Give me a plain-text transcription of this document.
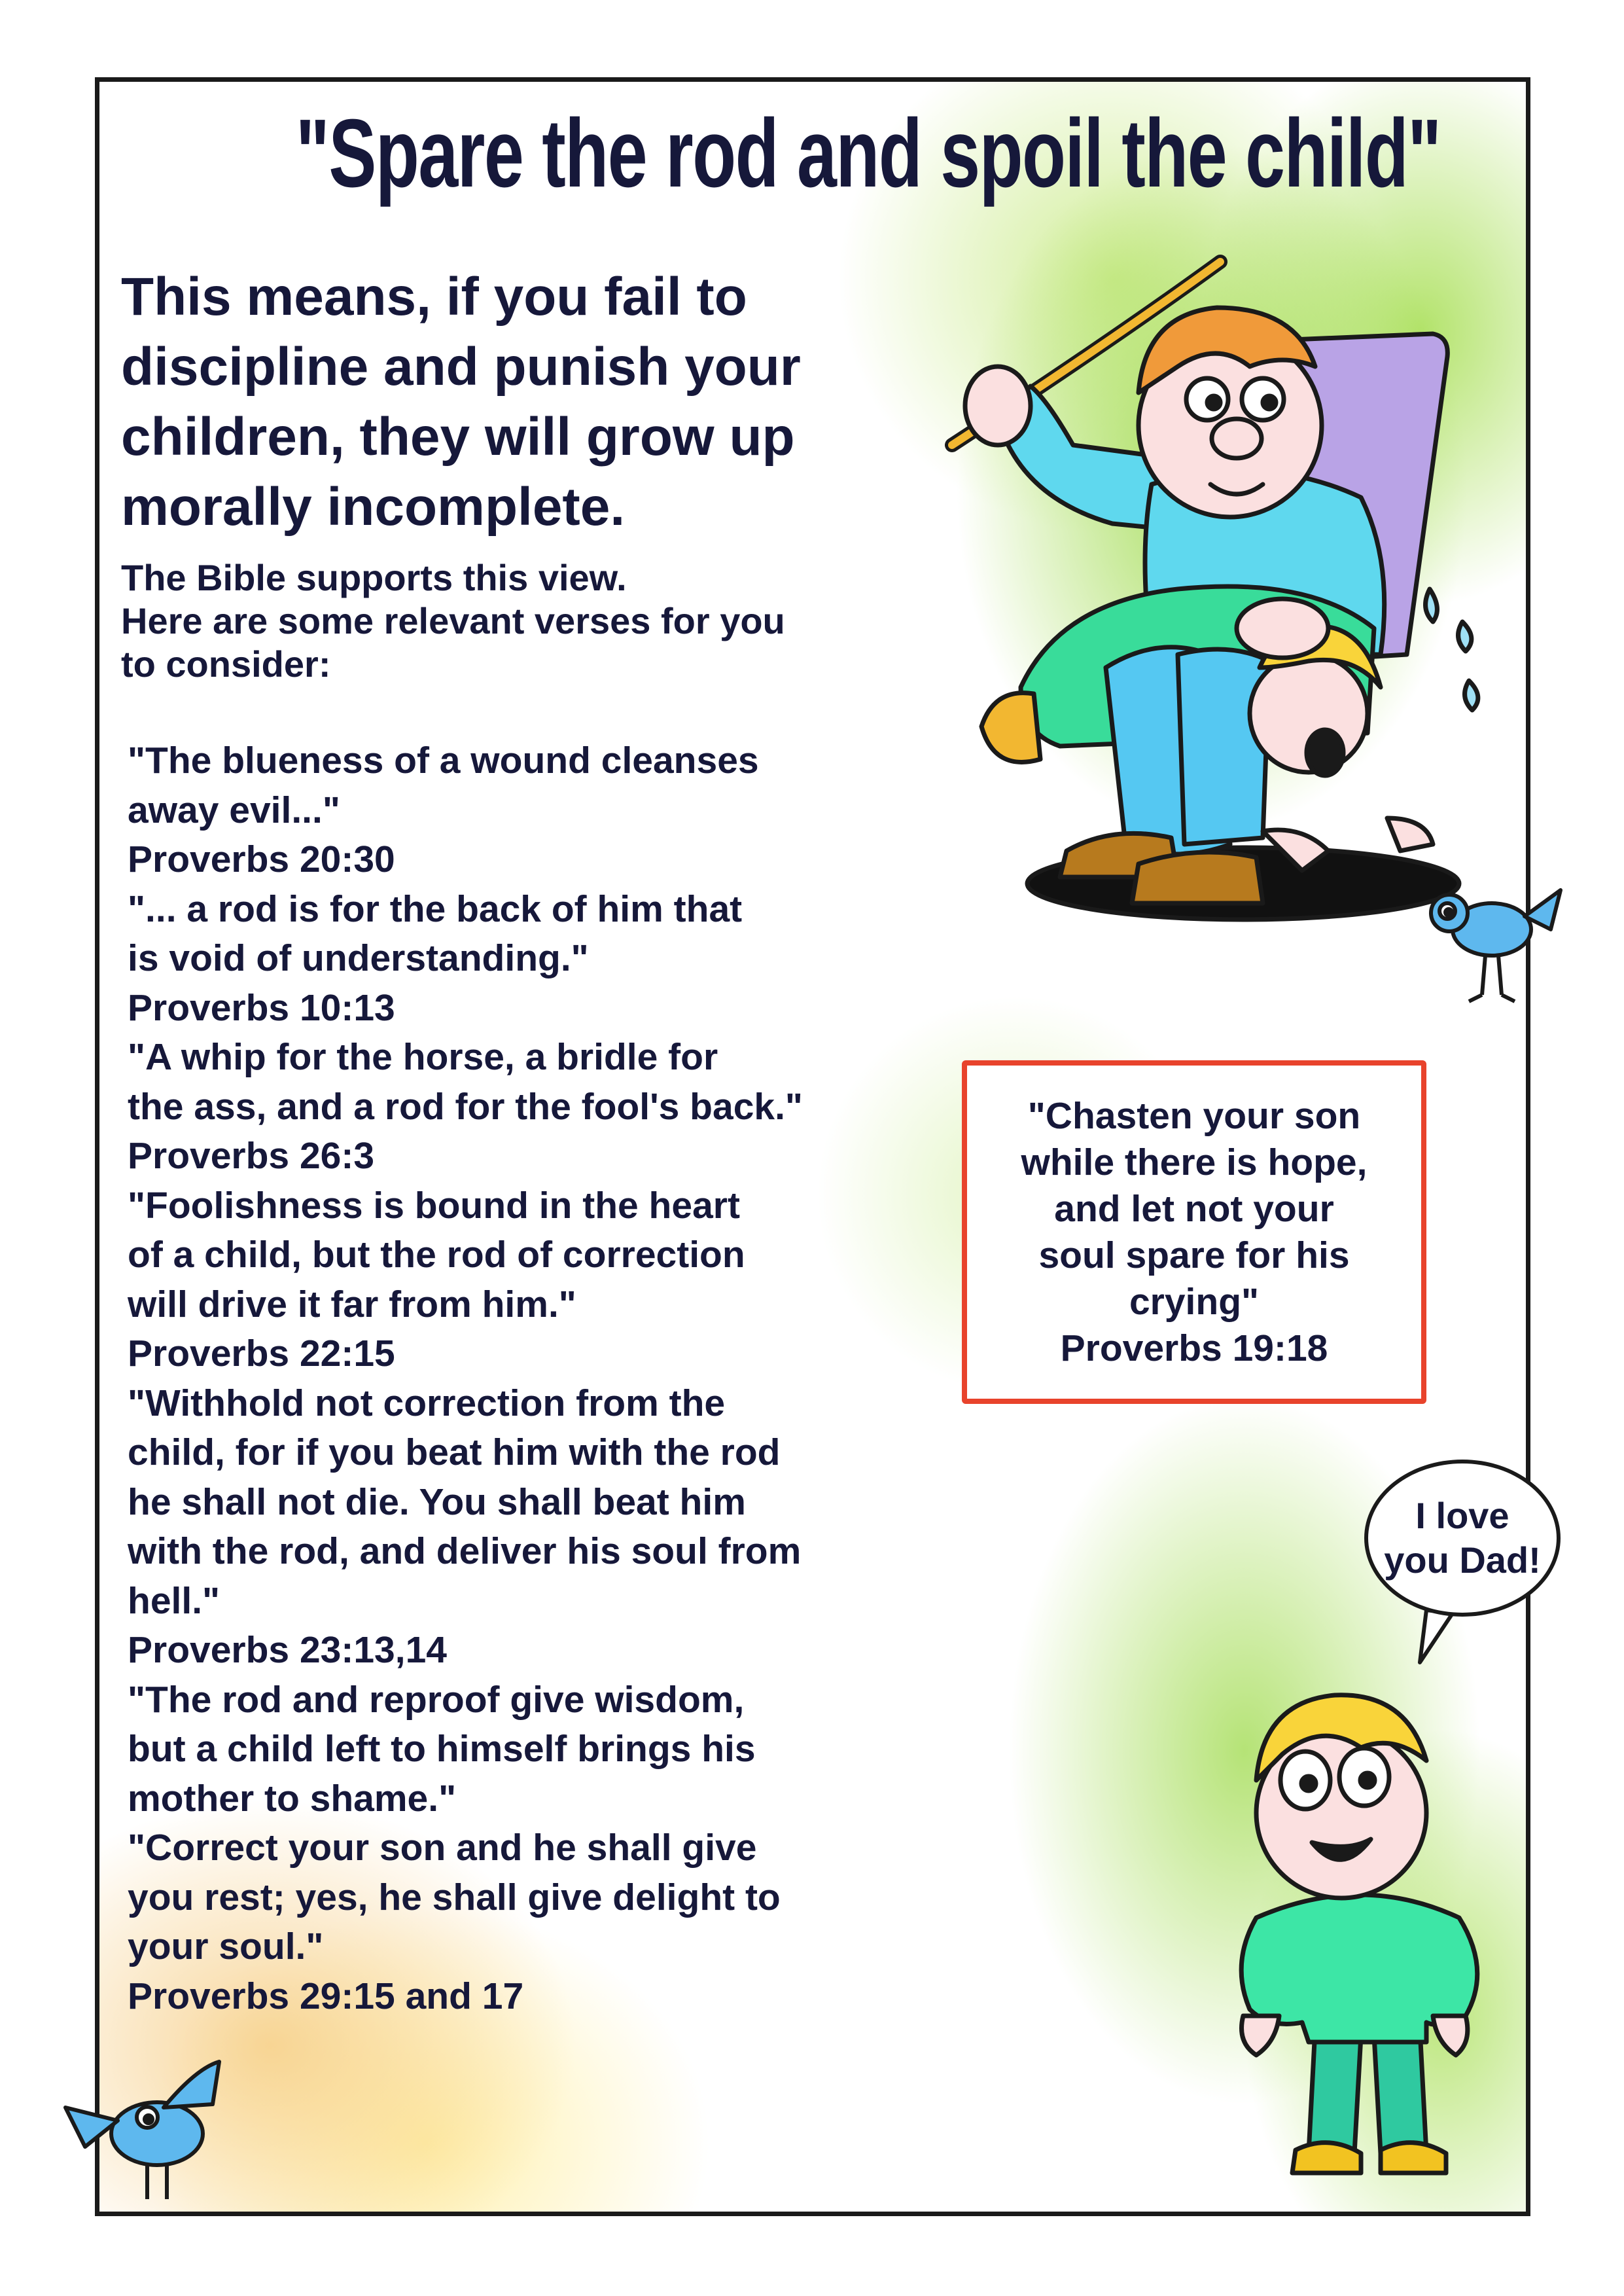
"Spare the rod and spoil the child"

This means, if you fail to discipline and punish your children, they will grow up morally incomplete.

The Bible supports this view.
Here are some relevant verses for you
to consider:

"The blueness of a wound cleanses
away evil..."
Proverbs 20:30
"... a rod is for the back of him that
is void of understanding."
Proverbs 10:13
"A whip for the horse, a bridle for
the ass, and a rod for the fool's back."
Proverbs 26:3
"Foolishness is bound in the heart
of a child, but the rod of correction
will drive it far from him."
Proverbs 22:15
"Withhold not correction from the
child, for if you beat him with the rod
he shall not die. You shall beat him
with the rod, and deliver his soul from
hell."
Proverbs 23:13,14
"The rod and reproof give wisdom,
but a child left to himself brings his
mother to shame."
"Correct your son and he shall give
you rest; yes, he shall give delight to
your soul."
Proverbs 29:15 and 17
"Chasten your son
while there is hope,
and let not your
soul spare for his
crying"
Proverbs 19:18
I love
you Dad!
